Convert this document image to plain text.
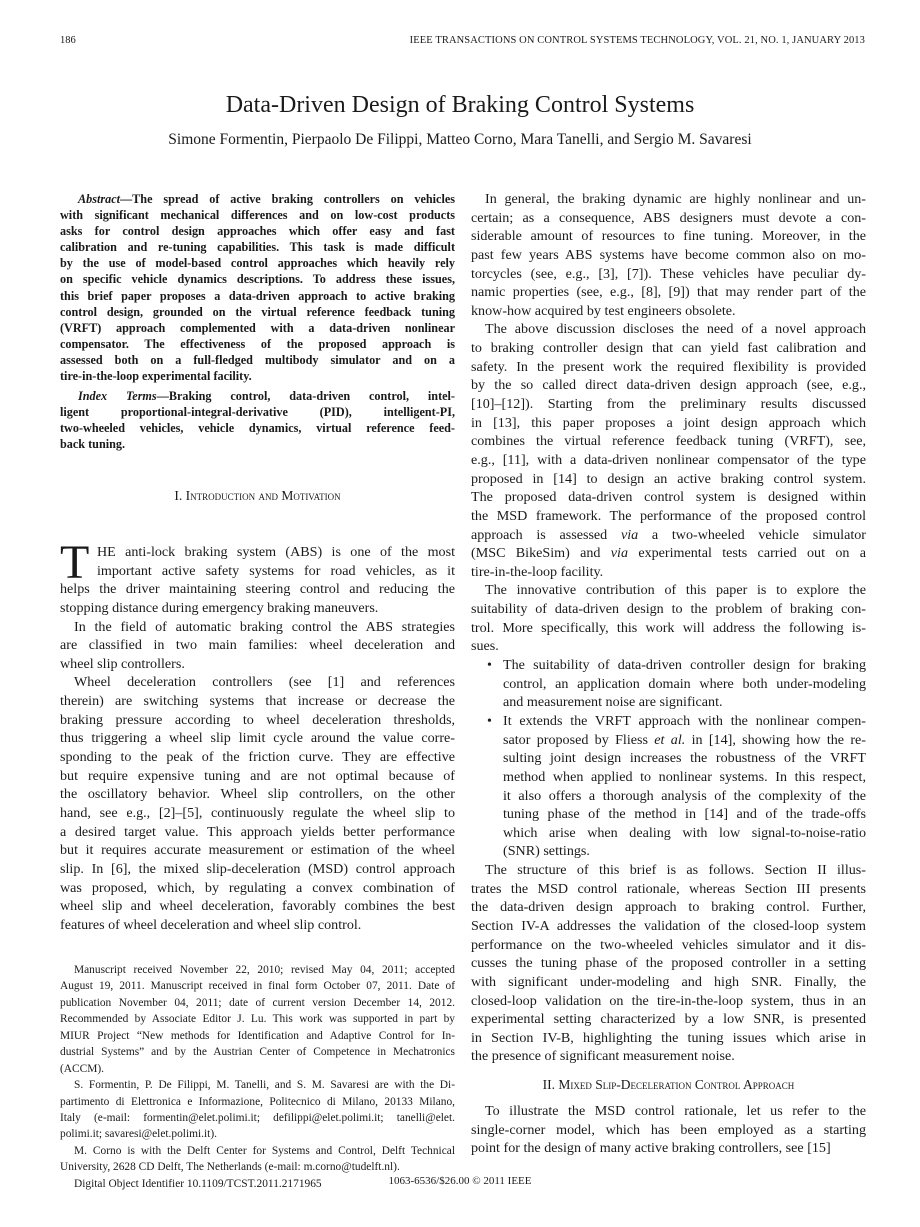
186	IEEE TRANSACTIONS ON CONTROL SYSTEMS TECHNOLOGY, VOL. 21, NO. 1, JANUARY 2013
Data-Driven Design of Braking Control Systems
Simone Formentin, Pierpaolo De Filippi, Matteo Corno, Mara Tanelli, and Sergio M. Savaresi
Abstract—The spread of active braking controllers on vehicles
with significant mechanical differences and on low-cost products
asks for control design approaches which offer easy and fast
calibration and re-tuning capabilities. This task is made difficult
by the use of model-based control approaches which heavily rely
on specific vehicle dynamics descriptions. To address these issues,
this brief paper proposes a data-driven approach to active braking
control design, grounded on the virtual reference feedback tuning
(VRFT) approach complemented with a data-driven nonlinear
compensator. The effectiveness of the proposed approach is
assessed both on a full-fledged multibody simulator and on a
tire-in-the-loop experimental facility.
Index Terms—Braking control, data-driven control, intel-
ligent proportional-integral-derivative (PID), intelligent-PI,
two-wheeled vehicles, vehicle dynamics, virtual reference feed-
back tuning.
I. Introduction and Motivation
T HE anti-lock braking system (ABS) is one of the most
important active safety systems for road vehicles, as it
helps the driver maintaining steering control and reducing the
stopping distance during emergency braking maneuvers.
In the field of automatic braking control the ABS strategies
are classified in two main families: wheel deceleration and
wheel slip controllers.
Wheel deceleration controllers (see [1] and references
therein) are switching systems that increase or decrease the
braking pressure according to wheel deceleration thresholds,
thus triggering a wheel slip limit cycle around the value corre-
sponding to the peak of the friction curve. They are effective
but require expensive tuning and are not optimal because of
the oscillatory behavior. Wheel slip controllers, on the other
hand, see e.g., [2]–[5], continuously regulate the wheel slip to
a desired target value. This approach yields better performance
but it requires accurate measurement or estimation of the wheel
slip. In [6], the mixed slip-deceleration (MSD) control approach
was proposed, which, by regulating a convex combination of
wheel slip and wheel deceleration, favorably combines the best
features of wheel deceleration and wheel slip control.
Manuscript received November 22, 2010; revised May 04, 2011; accepted
August 19, 2011. Manuscript received in final form October 07, 2011. Date of
publication November 04, 2011; date of current version December 14, 2012.
Recommended by Associate Editor J. Lu. This work was supported in part by
MIUR Project “New methods for Identification and Adaptive Control for In-
dustrial Systems” and by the Austrian Center of Competence in Mechatronics
(ACCM).
S. Formentin, P. De Filippi, M. Tanelli, and S. M. Savaresi are with the Di-
partimento di Elettronica e Informazione, Politecnico di Milano, 20133 Milano,
Italy (e-mail: formentin@elet.polimi.it; defilippi@elet.polimi.it; tanelli@elet.
polimi.it; savaresi@elet.polimi.it).
M. Corno is with the Delft Center for Systems and Control, Delft Technical
University, 2628 CD Delft, The Netherlands (e-mail: m.corno@tudelft.nl).
Digital Object Identifier 10.1109/TCST.2011.2171965
In general, the braking dynamic are highly nonlinear and un-
certain; as a consequence, ABS designers must devote a con-
siderable amount of resources to fine tuning. Moreover, in the
past few years ABS systems have become common also on mo-
torcycles (see, e.g., [3], [7]). These vehicles have peculiar dy-
namic properties (see, e.g., [8], [9]) that may render part of the
know-how acquired by test engineers obsolete.
The above discussion discloses the need of a novel approach
to braking controller design that can yield fast calibration and
safety. In the present work the required flexibility is provided
by the so called direct data-driven design approach (see, e.g.,
[10]–[12]). Starting from the preliminary results discussed
in [13], this paper proposes a joint design approach which
combines the virtual reference feedback tuning (VRFT), see,
e.g., [11], with a data-driven nonlinear compensator of the type
proposed in [14] to design an active braking control system.
The proposed data-driven control system is designed within
the MSD framework. The performance of the proposed control
approach is assessed via a two-wheeled vehicle simulator
(MSC BikeSim) and via experimental tests carried out on a
tire-in-the-loop facility.
The innovative contribution of this paper is to explore the
suitability of data-driven design to the problem of braking con-
trol. More specifically, this work will address the following is-
sues.
• The suitability of data-driven controller design for braking
control, an application domain where both under-modeling
and measurement noise are significant.
• It extends the VRFT approach with the nonlinear compen-
sator proposed by Fliess et al. in [14], showing how the re-
sulting joint design increases the robustness of the VRFT
method when applied to nonlinear systems. In this respect,
it also offers a thorough analysis of the complexity of the
tuning phase of the method in [14] and of the trade-offs
which arise when dealing with low signal-to-noise-ratio
(SNR) settings.
The structure of this brief is as follows. Section II illus-
trates the MSD control rationale, whereas Section III presents
the data-driven design approach to braking control. Further,
Section IV-A addresses the validation of the closed-loop system
performance on the two-wheeled vehicles simulator and it dis-
cusses the tuning phase of the proposed controller in a setting
with significant under-modeling and high SNR. Finally, the
closed-loop validation on the tire-in-the-loop system, thus in an
experimental setting characterized by a low SNR, is presented
in Section IV-B, highlighting the tuning issues which arise in
the presence of significant measurement noise.
II. Mixed Slip-Deceleration Control Approach
To illustrate the MSD control rationale, let us refer to the
single-corner model, which has been employed as a starting
point for the design of many active braking controllers, see [15]
1063-6536/$26.00 © 2011 IEEE
